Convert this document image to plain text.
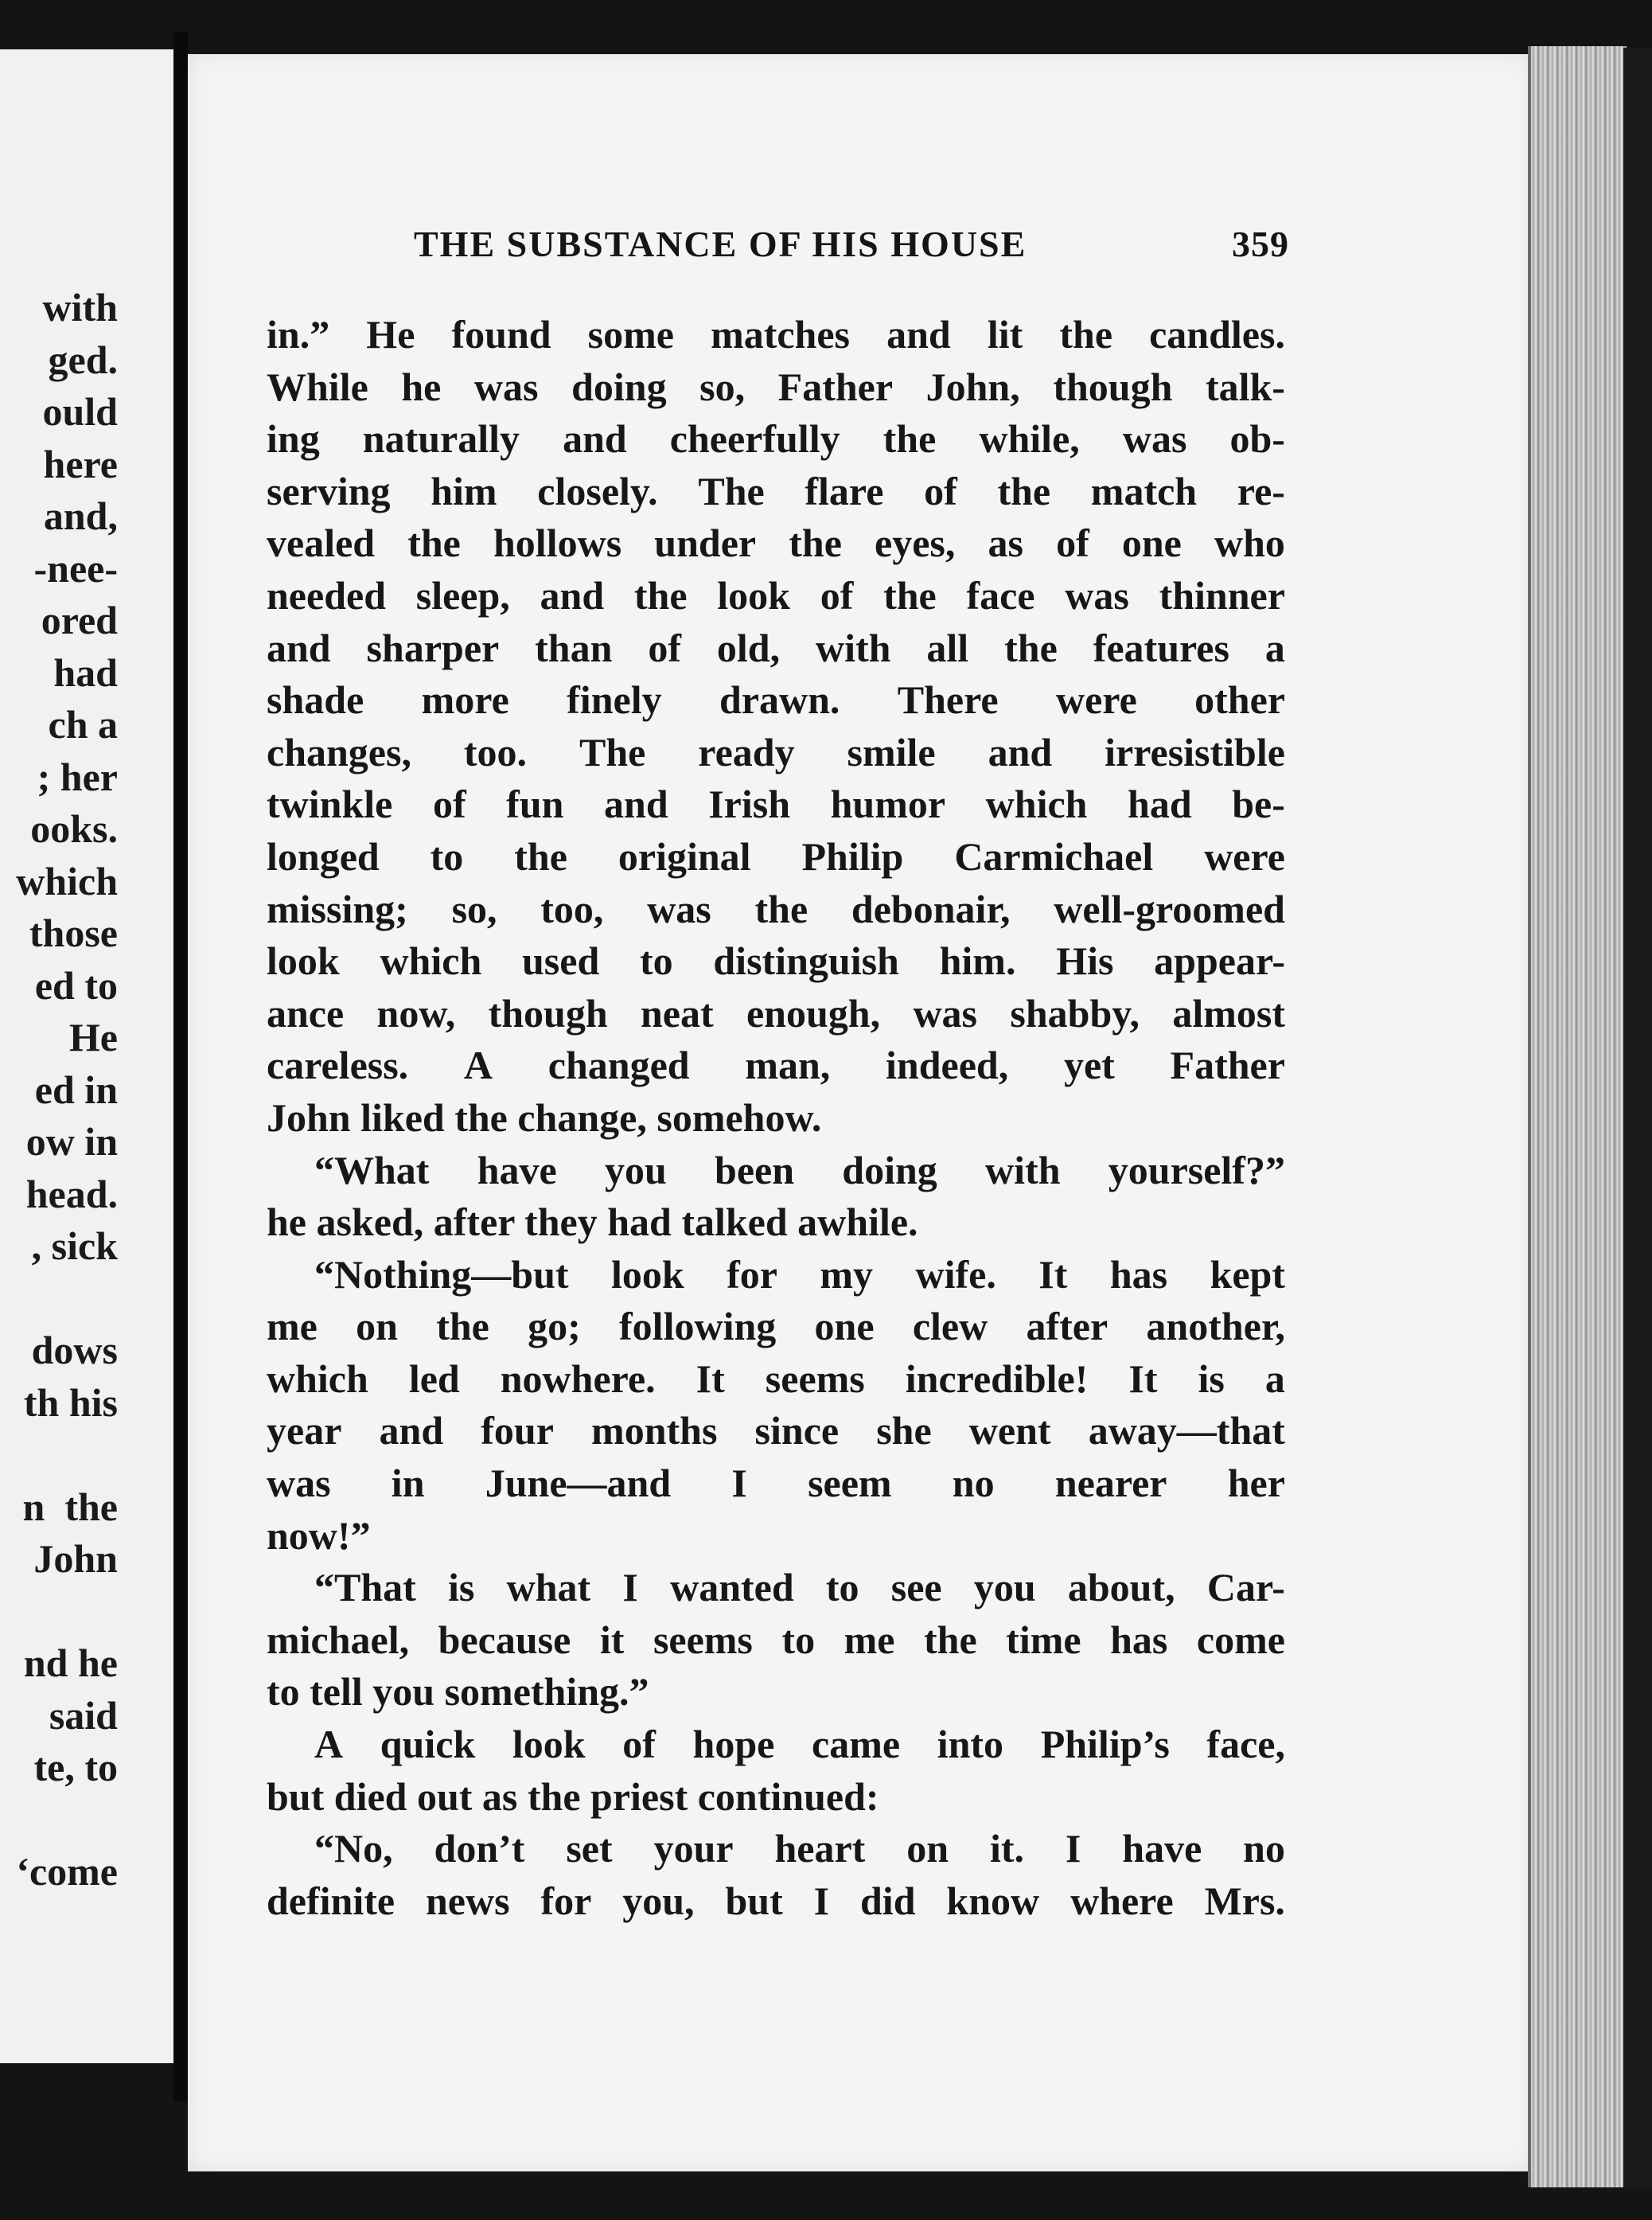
with
ged.
ould
here
and,
-nee-
ored
had
ch a
; her
ooks.
which
those
ed to
He
ed in
ow in
head.
, sick
dows
th his
n  the
John
nd he
said
te, to
‘come
THE SUBSTANCE OF HIS HOUSE	359
in.” He found some matches and lit the candles.
While he was doing so, Father John, though talk-
ing naturally and cheerfully the while, was ob-
serving him closely. The flare of the match re-
vealed the hollows under the eyes, as of one who
needed sleep, and the look of the face was thinner
and sharper than of old, with all the features a
shade more finely drawn. There were other
changes, too. The ready smile and irresistible
twinkle of fun and Irish humor which had be-
longed to the original Philip Carmichael were
missing; so, too, was the debonair, well-groomed
look which used to distinguish him. His appear-
ance now, though neat enough, was shabby, almost
careless. A changed man, indeed, yet Father
John liked the change, somehow.
“What have you been doing with yourself?”
he asked, after they had talked awhile.
“Nothing—but look for my wife. It has kept
me on the go; following one clew after another,
which led nowhere. It seems incredible! It is a
year and four months since she went away—that
was in June—and I seem no nearer her
now!”
“That is what I wanted to see you about, Car-
michael, because it seems to me the time has come
to tell you something.”
A quick look of hope came into Philip’s face,
but died out as the priest continued:
“No, don’t set your heart on it. I have no
definite news for you, but I did know where Mrs.
